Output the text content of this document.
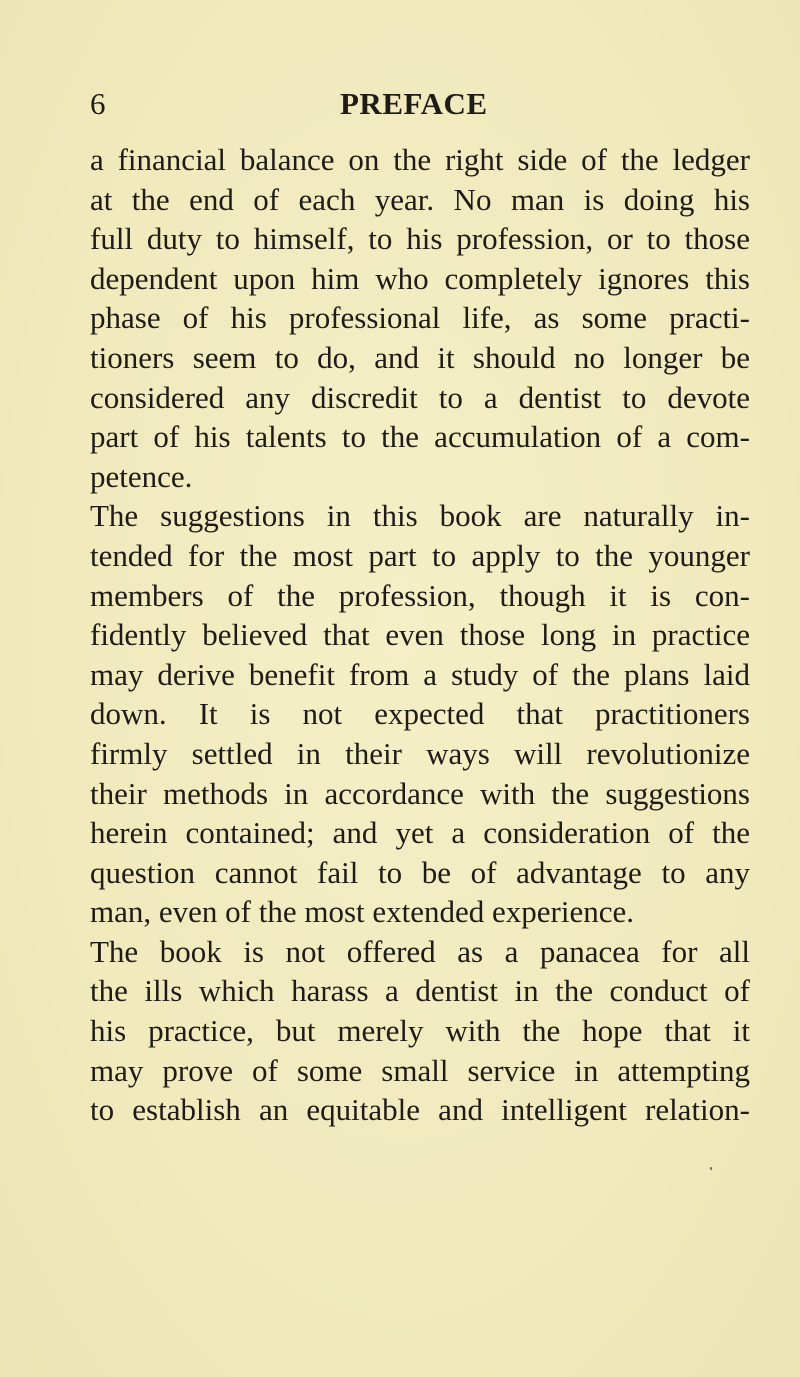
6	PREFACE
a financial balance on the right side of the ledger
at the end of each year. No man is doing his
full duty to himself, to his profession, or to those
dependent upon him who completely ignores this
phase of his professional life, as some practi-
tioners seem to do, and it should no longer be
considered any discredit to a dentist to devote
part of his talents to the accumulation of a com-
petence.
The suggestions in this book are naturally in-
tended for the most part to apply to the younger
members of the profession, though it is con-
fidently believed that even those long in practice
may derive benefit from a study of the plans laid
down. It is not expected that practitioners
firmly settled in their ways will revolutionize
their methods in accordance with the suggestions
herein contained; and yet a consideration of the
question cannot fail to be of advantage to any
man, even of the most extended experience.
The book is not offered as a panacea for all
the ills which harass a dentist in the conduct of
his practice, but merely with the hope that it
may prove of some small service in attempting
to establish an equitable and intelligent relation-
